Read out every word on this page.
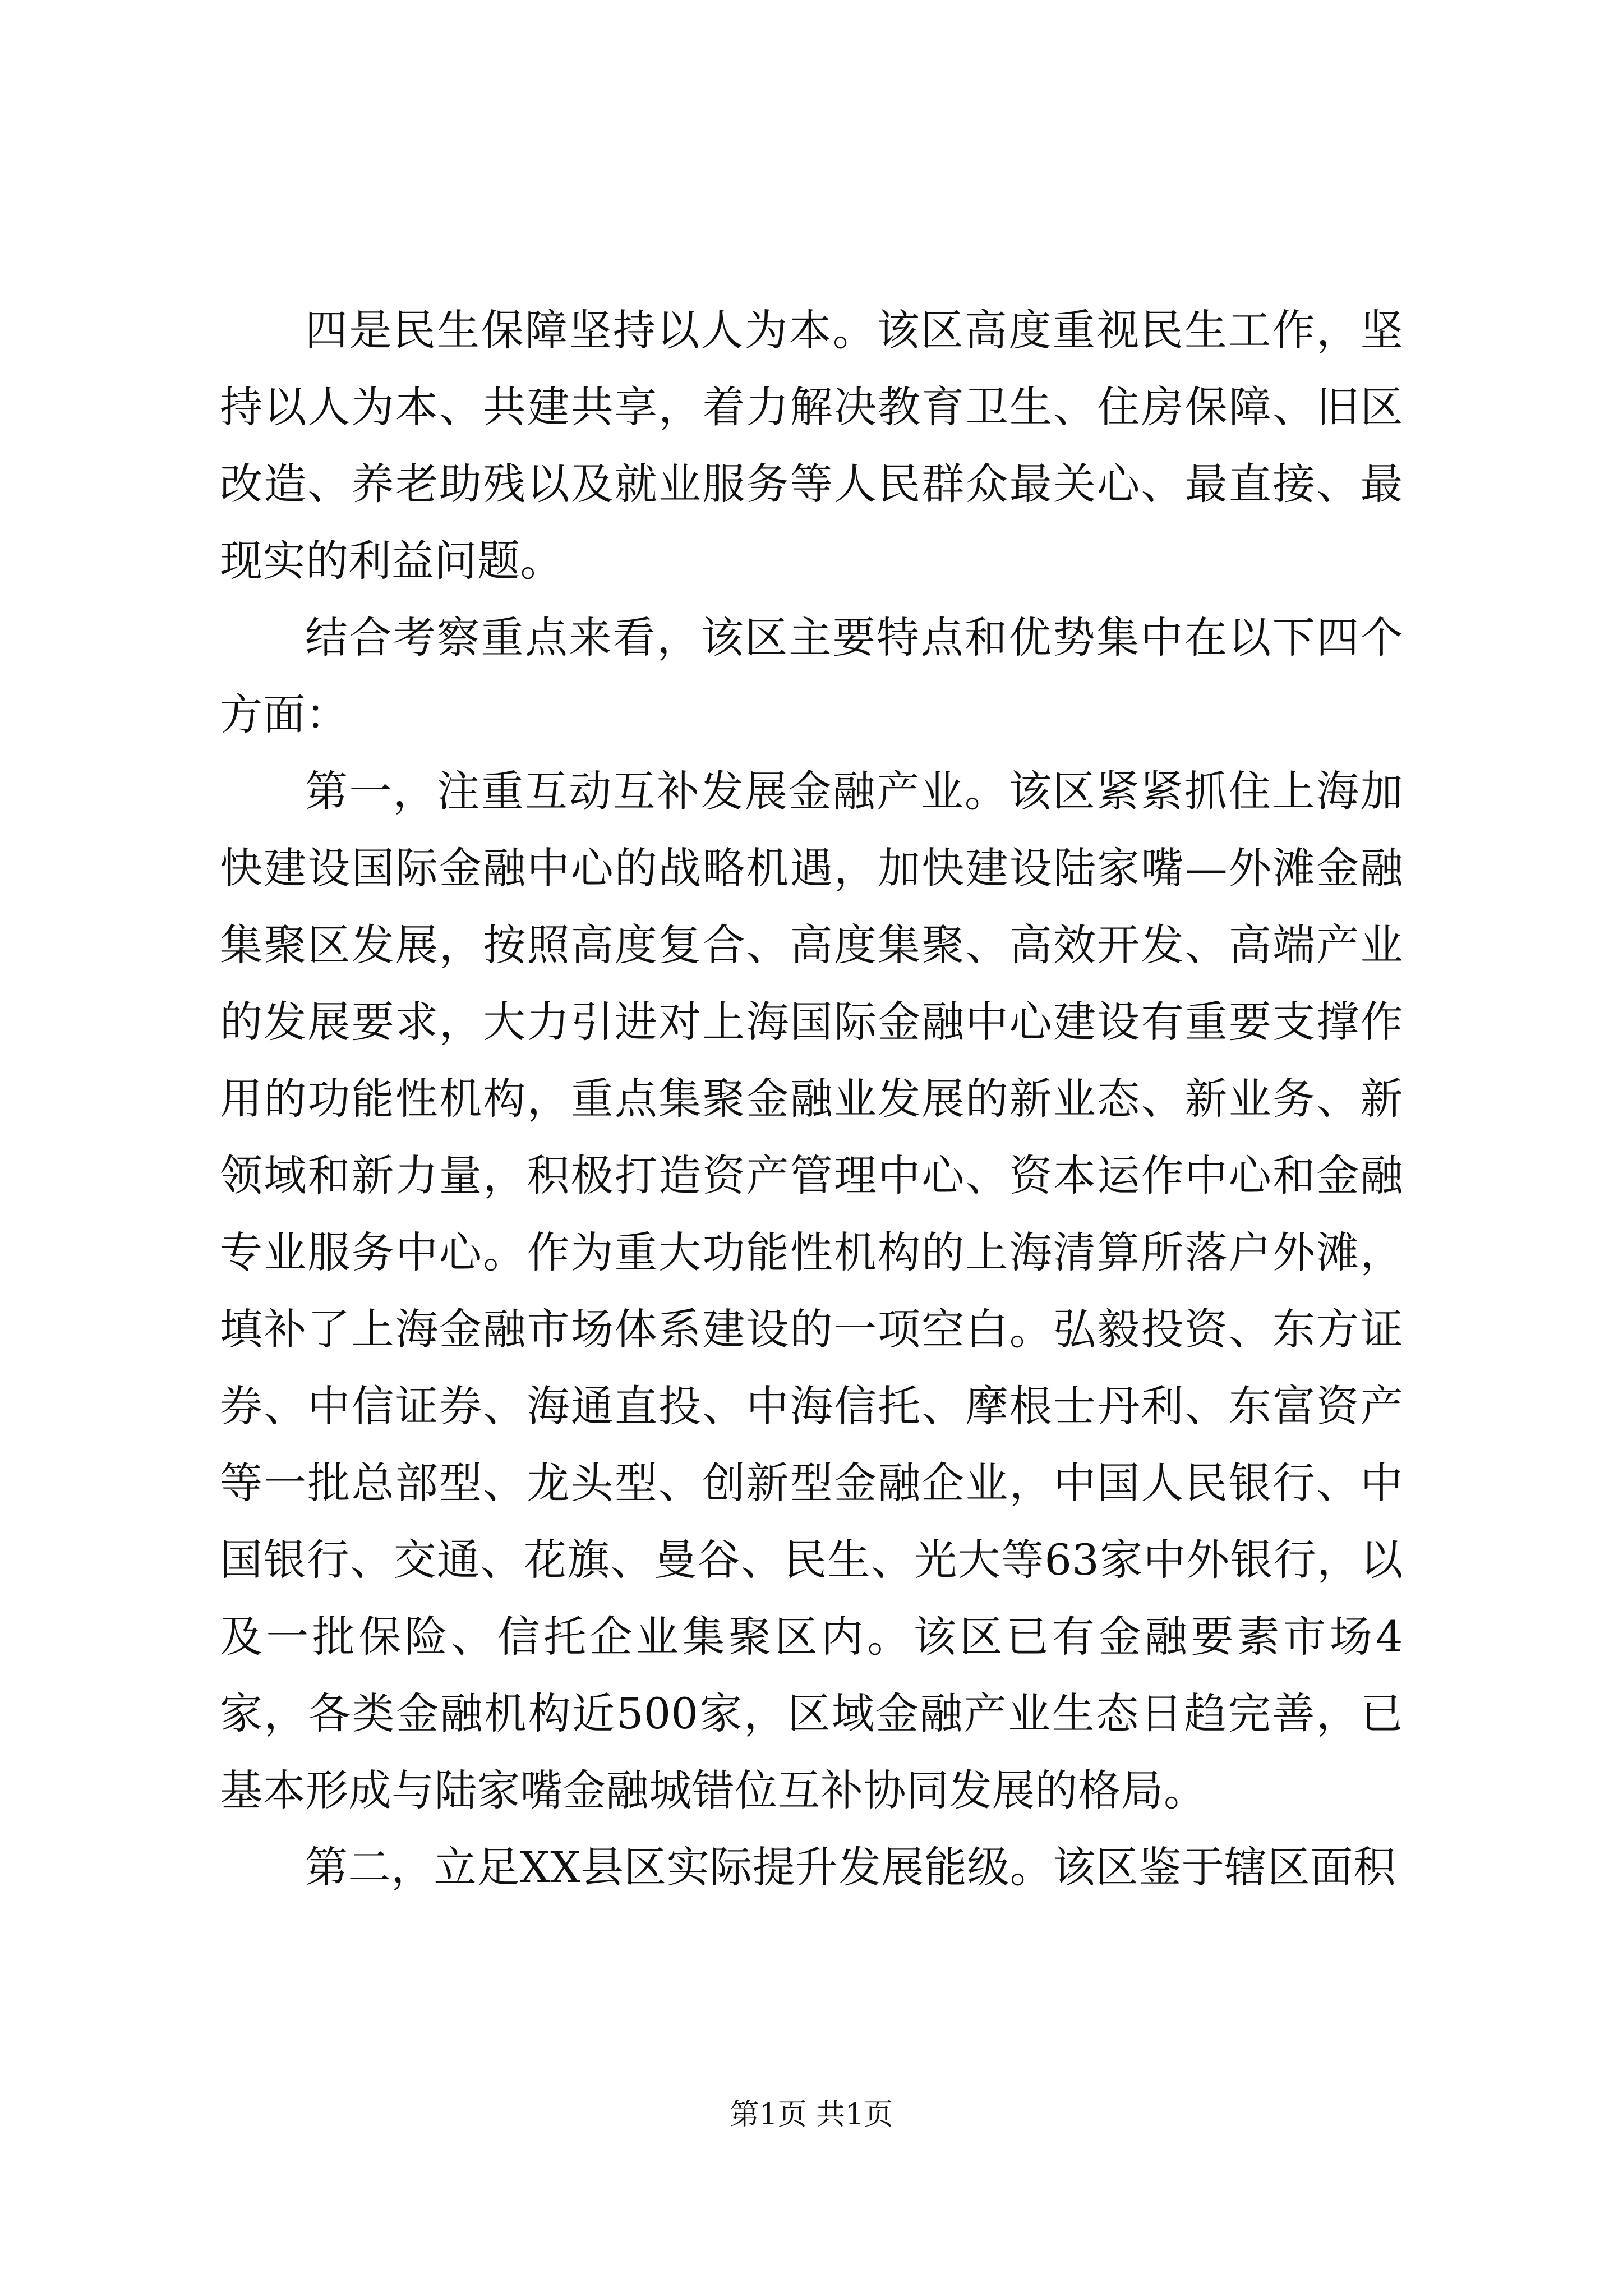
四是民生保障坚持以人为本。该区高度重视民生工作，坚持以人为本、共建共享，着力解决教育卫生、住房保障、旧区改造、养老助残以及就业服务等人民群众最关心、最直接、最现实的利益问题。

结合考察重点来看，该区主要特点和优势集中在以下四个方面：

第一，注重互动互补发展金融产业。该区紧紧抓住上海加快建设国际金融中心的战略机遇，加快建设陆家嘴—外滩金融集聚区发展，按照高度复合、高度集聚、高效开发、高端产业的发展要求，大力引进对上海国际金融中心建设有重要支撑作用的功能性机构，重点集聚金融业发展的新业态、新业务、新领域和新力量，积极打造资产管理中心、资本运作中心和金融专业服务中心。作为重大功能性机构的上海清算所落户外滩，填补了上海金融市场体系建设的一项空白。弘毅投资、东方证券、中信证券、海通直投、中海信托、摩根士丹利、东富资产等一批总部型、龙头型、创新型金融企业，中国人民银行、中国银行、交通、花旗、曼谷、民生、光大等63家中外银行，以及一批保险、信托企业集聚区内。该区已有金融要素市场4家，各类金融机构近500家，区域金融产业生态日趋完善，已基本形成与陆家嘴金融城错位互补协同发展的格局。

第二，立足XX县区实际提升发展能级。该区鉴于辖区面积

第1页 共1页
